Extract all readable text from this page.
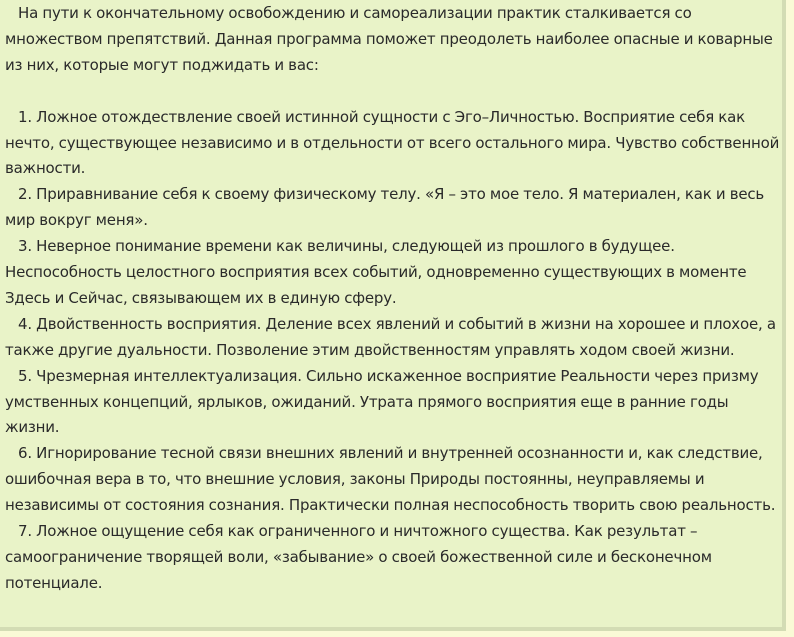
На пути к окончательному освобождению и самореализации практик сталкивается со множеством препятствий. Данная программа поможет преодолеть наиболее опасные и коварные из них, которые могут поджидать и вас:

1. Ложное отождествление своей истинной сущности с Эго–Личностью. Восприятие себя как нечто, существующее независимо и в отдельности от всего остального мира. Чувство собственной важности.

2. Приравнивание себя к своему физическому телу. «Я – это мое тело. Я материален, как и весь мир вокруг меня».

3. Неверное понимание времени как величины, следующей из прошлого в будущее. Неспособность целостного восприятия всех событий, одновременно существующих в моменте Здесь и Сейчас, связывающем их в единую сферу.

4. Двойственность восприятия. Деление всех явлений и событий в жизни на хорошее и плохое, а также другие дуальности. Позволение этим двойственностям управлять ходом своей жизни.

5. Чрезмерная интеллектуализация. Сильно искаженное восприятие Реальности через призму умственных концепций, ярлыков, ожиданий. Утрата прямого восприятия еще в ранние годы жизни.

6. Игнорирование тесной связи внешних явлений и внутренней осознанности и, как следствие, ошибочная вера в то, что внешние условия, законы Природы постоянны, неуправляемы и независимы от состояния сознания. Практически полная неспособность творить свою реальность.

7. Ложное ощущение себя как ограниченного и ничтожного существа. Как результат – самоограничение творящей воли, «забывание» о своей божественной силе и бесконечном потенциале.
